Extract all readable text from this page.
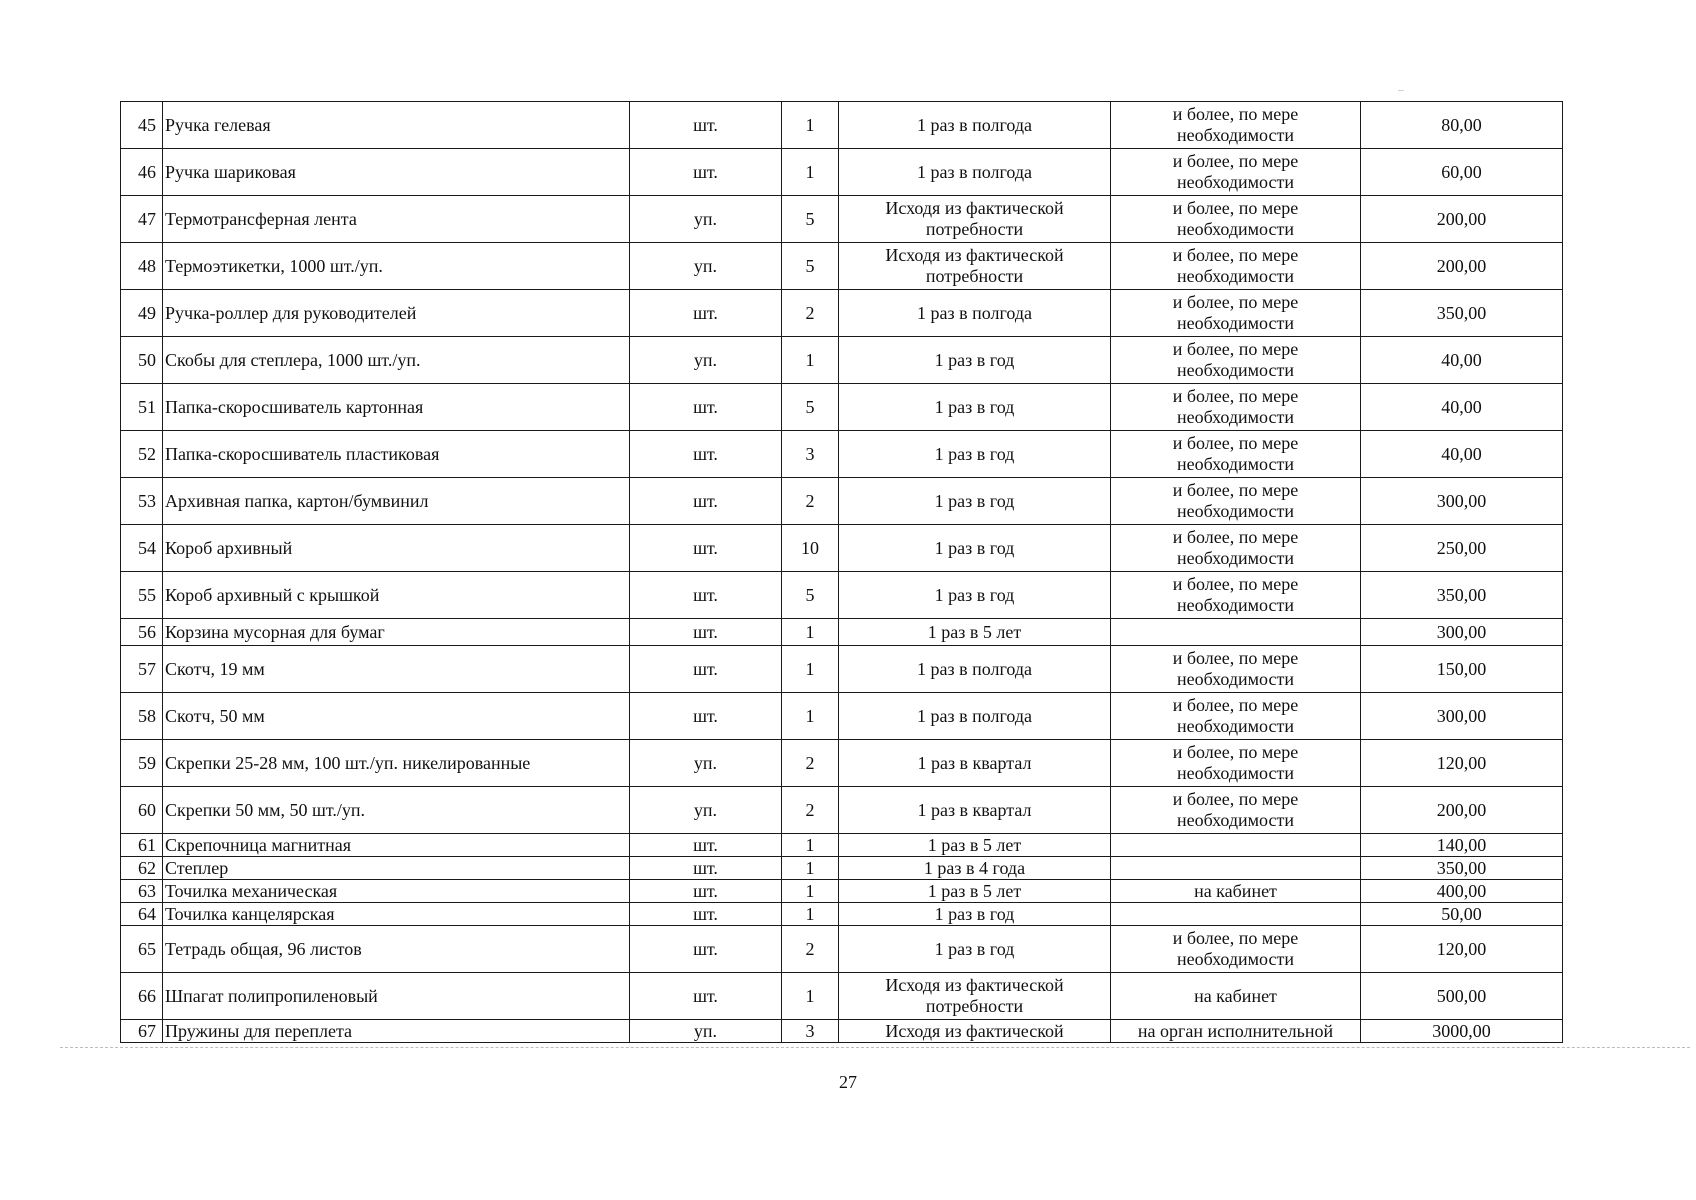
45	Ручка гелевая	шт.	1	1 раз в полгода	и более, по мере необходимости	80,00
46	Ручка шариковая	шт.	1	1 раз в полгода	и более, по мере необходимости	60,00
47	Термотрансферная лента	уп.	5	Исходя из фактической потребности	и более, по мере необходимости	200,00
48	Термоэтикетки, 1000 шт./уп.	уп.	5	Исходя из фактической потребности	и более, по мере необходимости	200,00
49	Ручка-роллер для руководителей	шт.	2	1 раз в полгода	и более, по мере необходимости	350,00
50	Скобы для степлера, 1000 шт./уп.	уп.	1	1 раз в год	и более, по мере необходимости	40,00
51	Папка-скоросшиватель картонная	шт.	5	1 раз в год	и более, по мере необходимости	40,00
52	Папка-скоросшиватель пластиковая	шт.	3	1 раз в год	и более, по мере необходимости	40,00
53	Архивная папка, картон/бумвинил	шт.	2	1 раз в год	и более, по мере необходимости	300,00
54	Короб архивный	шт.	10	1 раз в год	и более, по мере необходимости	250,00
55	Короб архивный с крышкой	шт.	5	1 раз в год	и более, по мере необходимости	350,00
56	Корзина мусорная для бумаг	шт.	1	1 раз в 5 лет		300,00
57	Скотч, 19 мм	шт.	1	1 раз в полгода	и более, по мере необходимости	150,00
58	Скотч, 50 мм	шт.	1	1 раз в полгода	и более, по мере необходимости	300,00
59	Скрепки 25-28 мм, 100 шт./уп. никелированные	уп.	2	1 раз в квартал	и более, по мере необходимости	120,00
60	Скрепки 50 мм, 50 шт./уп.	уп.	2	1 раз в квартал	и более, по мере необходимости	200,00
61	Скрепочница магнитная	шт.	1	1 раз в 5 лет		140,00
62	Степлер	шт.	1	1 раз в 4 года		350,00
63	Точилка механическая	шт.	1	1 раз в 5 лет	на кабинет	400,00
64	Точилка канцелярская	шт.	1	1 раз в год		50,00
65	Тетрадь общая, 96 листов	шт.	2	1 раз в год	и более, по мере необходимости	120,00
66	Шпагат полипропиленовый	шт.	1	Исходя из фактической потребности	на кабинет	500,00
67	Пружины для переплета	уп.	3	Исходя из фактической	на орган исполнительной	3000,00
27
